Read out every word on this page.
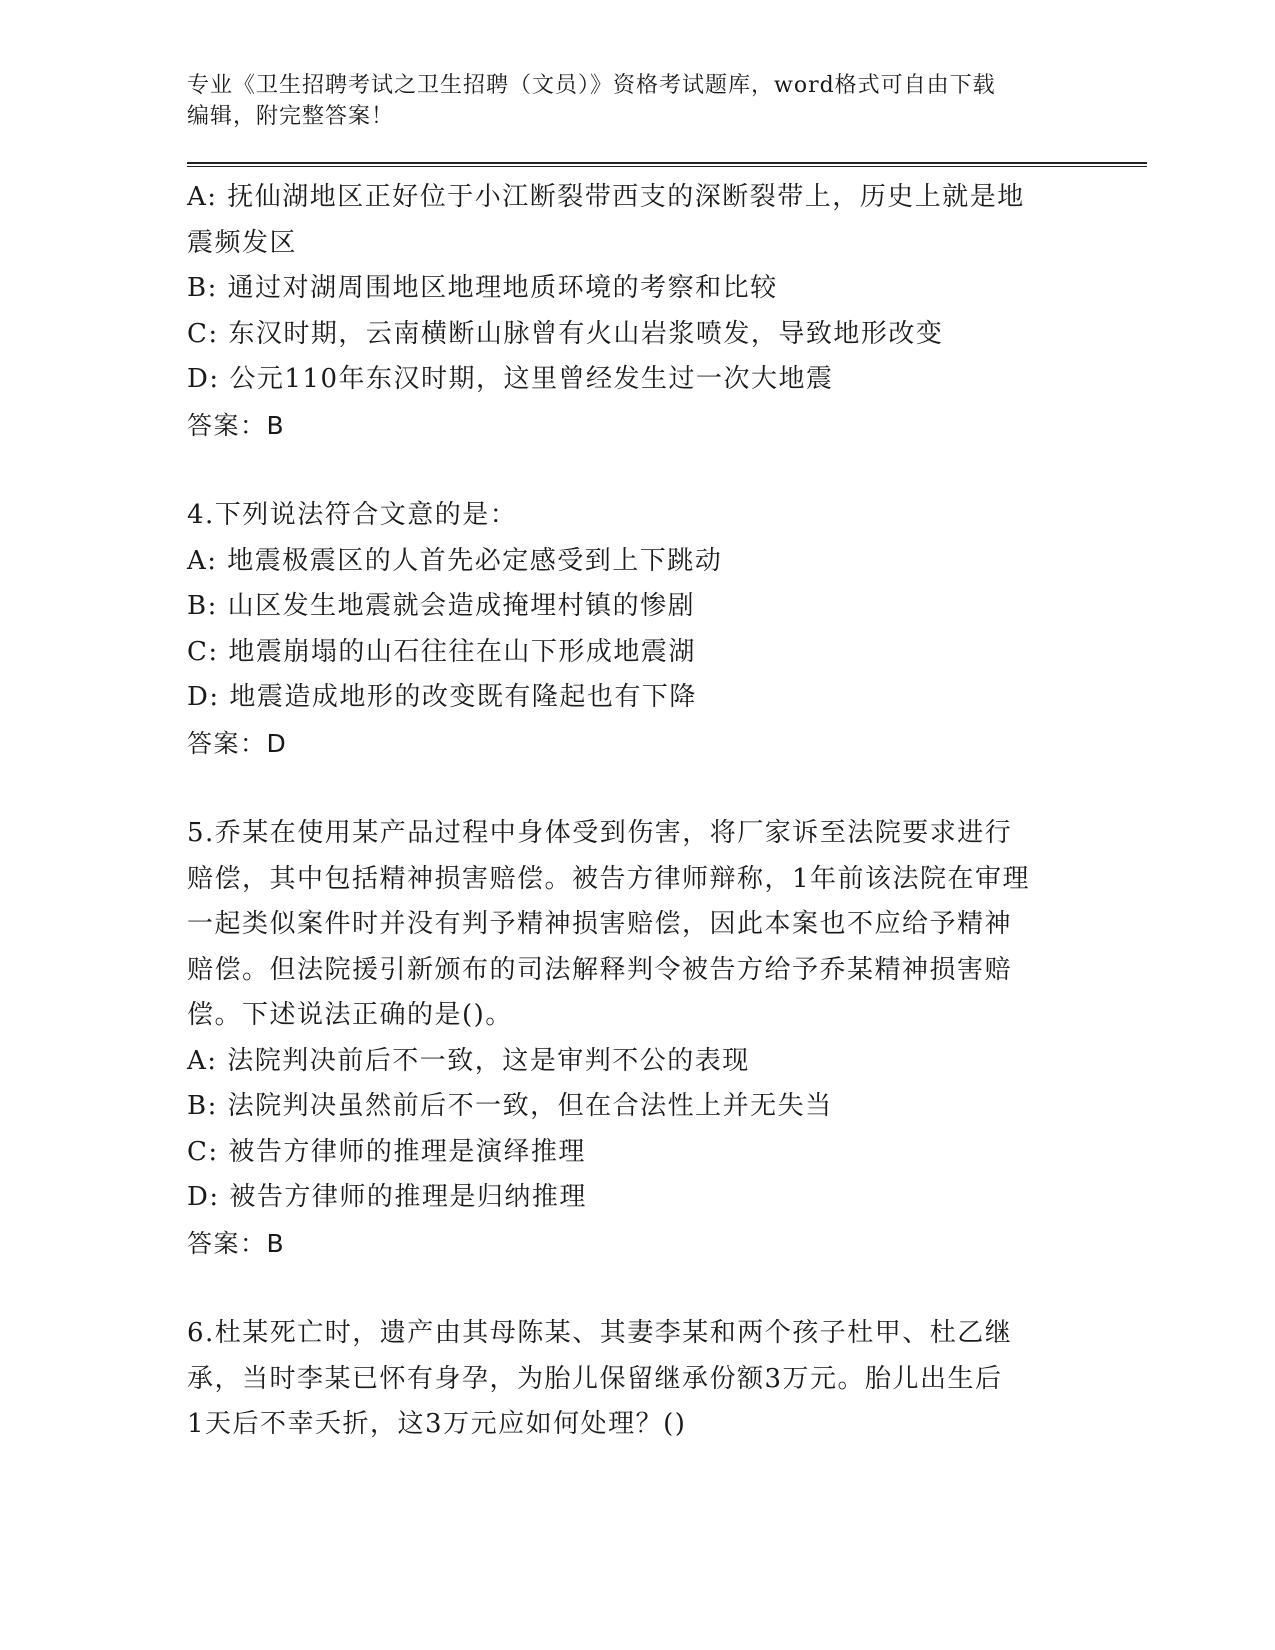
专业《卫生招聘考试之卫生招聘（文员）》资格考试题库，word格式可自由下载

编辑，附完整答案！

A: 抚仙湖地区正好位于小江断裂带西支的深断裂带上，历史上就是地

震频发区

B: 通过对湖周围地区地理地质环境的考察和比较

C: 东汉时期，云南横断山脉曾有火山岩浆喷发，导致地形改变

D: 公元110年东汉时期，这里曾经发生过一次大地震

答案：B

4.下列说法符合文意的是：

A: 地震极震区的人首先必定感受到上下跳动

B: 山区发生地震就会造成掩埋村镇的惨剧

C: 地震崩塌的山石往往在山下形成地震湖

D: 地震造成地形的改变既有隆起也有下降

答案：D

5.乔某在使用某产品过程中身体受到伤害，将厂家诉至法院要求进行

赔偿，其中包括精神损害赔偿。被告方律师辩称，1年前该法院在审理

一起类似案件时并没有判予精神损害赔偿，因此本案也不应给予精神

赔偿。但法院援引新颁布的司法解释判令被告方给予乔某精神损害赔

偿。下述说法正确的是()。

A: 法院判决前后不一致，这是审判不公的表现

B: 法院判决虽然前后不一致，但在合法性上并无失当

C: 被告方律师的推理是演绎推理

D: 被告方律师的推理是归纳推理

答案：B

6.杜某死亡时，遗产由其母陈某、其妻李某和两个孩子杜甲、杜乙继

承，当时李某已怀有身孕，为胎儿保留继承份额3万元。胎儿出生后

1天后不幸夭折，这3万元应如何处理？()
